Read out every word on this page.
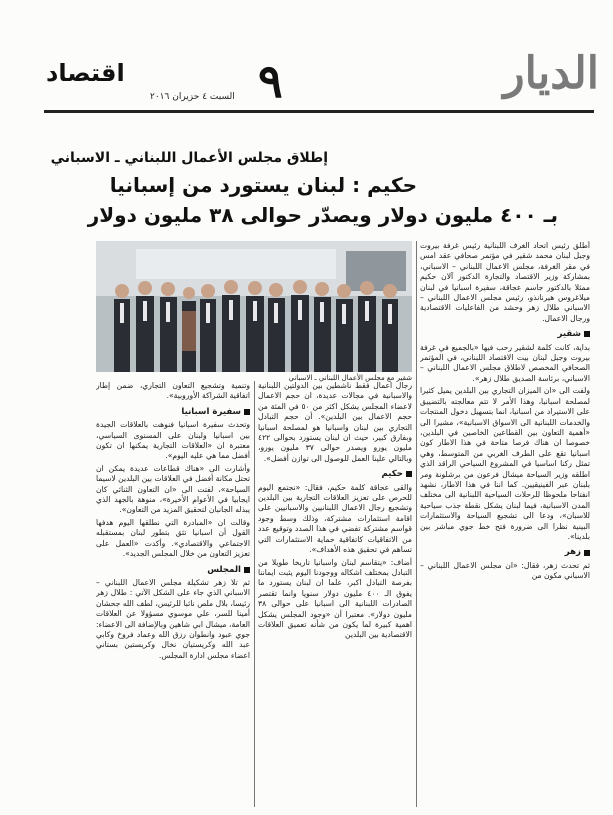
الديار
٩
اقتصاد
السبت ٤ حزيران ٢٠١٦
إطلاق مجلس الأعمال اللبناني ـ الاسباني
حكيم : لبنان يستورد من إسبانيا
بـ ٤٠٠ مليون دولار ويصدّر حوالى ٣٨ مليون دولار
شقير مع مجلس الأعمال اللبناني ـ الاسباني

أطلق رئيس اتحاد الغرف اللبنانية رئيس غرفة بيروت وجبل لبنان محمد شقير في مؤتمر صحافي عقد امس في مقر الغرفة، مجلس الاعمال اللبناني – الاسباني، بمشاركة وزير الاقتصاد والتجارة الدكتور آلان حكيم ممثلا بالدكتور جاسم عجاقة، سفيرة اسبانيا في لبنان ميلاغروس هيرنانذو، رئيس مجلس الاعمال اللبناني – الاسباني طلال زهر وحشد من الفاعليات الاقتصادية ورجال الاعمال.

شقير

بداية، كانت كلمة لشقير رحب فيها «بالجميع في غرفة بيروت وجبل لبنان بيت الاقتصاد اللبناني، في المؤتمر الصحافي المخصص لاطلاق مجلس الاعمال اللبناني – الاسباني، برئاسة الصديق طلال زهر».

ولفت الى «ان الميزان التجاري بين البلدين يميل كثيرا لمصلحة اسبانيا، وهذا الأمر لا تتم معالجته بالتضييق على الاستيراد من اسبانيا، انما بتسهيل دخول المنتجات والخدمات اللبنانية الى الاسواق الاسبانية»، مشيرا الى «أهمية التعاون بين القطاعين الخاصين في البلدين، خصوصا ان هناك فرصا متاحة في هذا الاطار كون اسبانيا تقع على الطرف الغربي من المتوسط، وهي تمثل ركنا اساسيا في المشروع السياحي الراقد الذي اطلقه وزير السياحة ميشال فرعون من برشلونة ومر بلبنان عبر الفينيقيين. كما اننا في هذا الاطار، نشهد انفتاحا ملحوظا للرحلات السياحية اللبنانية الى مختلف المدن الاسبانية، فيما لبنان يشكل نقطة جذب سياحية للاسبان»، ودعا الى تشجيع السياحة والاستثمارات البينية نظرا الى ضرورة فتح خط جوي مباشر بين بلدينا».

زهر

ثم تحدث زهر، فقال: «ان مجلس الاعمال اللبناني – الاسباني مكون من

رجال اعمال فقط ناشطين بين الدولتين اللبنانية والاسبانية في مجالات عديدة، ان حجم الاعمال لاعضاء المجلس يشكل اكثر من ٥٠ في المئة من حجم الاعمال بين البلدين». أن حجم التبادل التجاري بين لبنان واسبانيا هو لمصلحة اسبانيا وبفارق كبير، حيث ان لبنان يستورد بحوالى ٤٢٢ مليون يورو ويصدر حوالى ٣٧ مليون يورو، وبالتالي علينا العمل للوصول الى توازن أفضل».

حكيم

والقى عجاقة كلمة حكيم، فقال: «نجتمع اليوم للحرص على تعزيز العلاقات التجارية بين البلدين وتشجيع رجال الاعمال اللبنانيين والاسبانيين على اقامة استثمارات مشتركة، وذلك وسط وجود قواسم مشتركة تفضي في هذا الصدد وتوقيع عدد من الاتفاقيات كاتفاقية حماية الاستثمارات التي تساهم في تحقيق هذه الأهداف».

أضاف: «يتقاسم لبنان واسبانيا تاريخا طويلا من التبادل بمختلف اشكاله ووجودنا اليوم يثبت ايماننا بفرصة التبادل اكبر، علما ان لبنان يستورد ما يفوق الـ ٤٠٠ مليون دولار سنويا وانما تقتصر الصادرات اللبنانية الى اسبانيا على حوالى ٣٨ مليون دولار». معتبرا أن «وجود المجلس يشكل اهمية كبيرة لما يكون من شأنه تعميق العلاقات الاقتصادية بين البلدين

وتنمية وتشجيع التعاون التجاري، ضمن إطار اتفاقية الشراكة الأوروبية».

سفيرة اسبانيا

وتحدث سفيرة اسبانيا فنوهت بالعلاقات الجيدة بين اسبانيا ولبنان على المستوى السياسي، معتبرة ان «العلاقات التجارية يمكنها ان تكون أفضل مما هي عليه اليوم».

وأشارت الى «هناك قطاعات عديدة يمكن ان تحتل مكانة أفضل في العلاقات بين البلدين لاسيما السياحة»، لفتت الى «ان التعاون الثنائي كان ايجابيا في الأعوام الأخيرة»، منوهة بالجهد الذي يبذله الجانبان لتحقيق المزيد من التعاون».

وقالت ان «المبادرة التي نطلقها اليوم هدفها القول أن اسبانيا تثق بتطور لبنان بمستقبله الاجتماعي والاقتصادي». وأكدت «العمل على تعزيز التعاون من خلال المجلس الجديد».

المجلس

ثم تلا زهر تشكيلة مجلس الاعمال اللبناني – الاسباني الذي جاء على الشكل الآتي : طلال زهر رئيسا، بلال ملص نائبا للرئيس، لطف الله جحشان أمينا للسر، علي موسوي مسؤولا عن العلاقات العامة، ميشال ابي شاهين وبالإضافة الى الاعضاء: جوي عبود وانطوان رزق الله وعماد فروخ وكابي عبد الله وكريستيان نخال وكريستين بستاني اعضاء مجلس ادارة المجلس.
